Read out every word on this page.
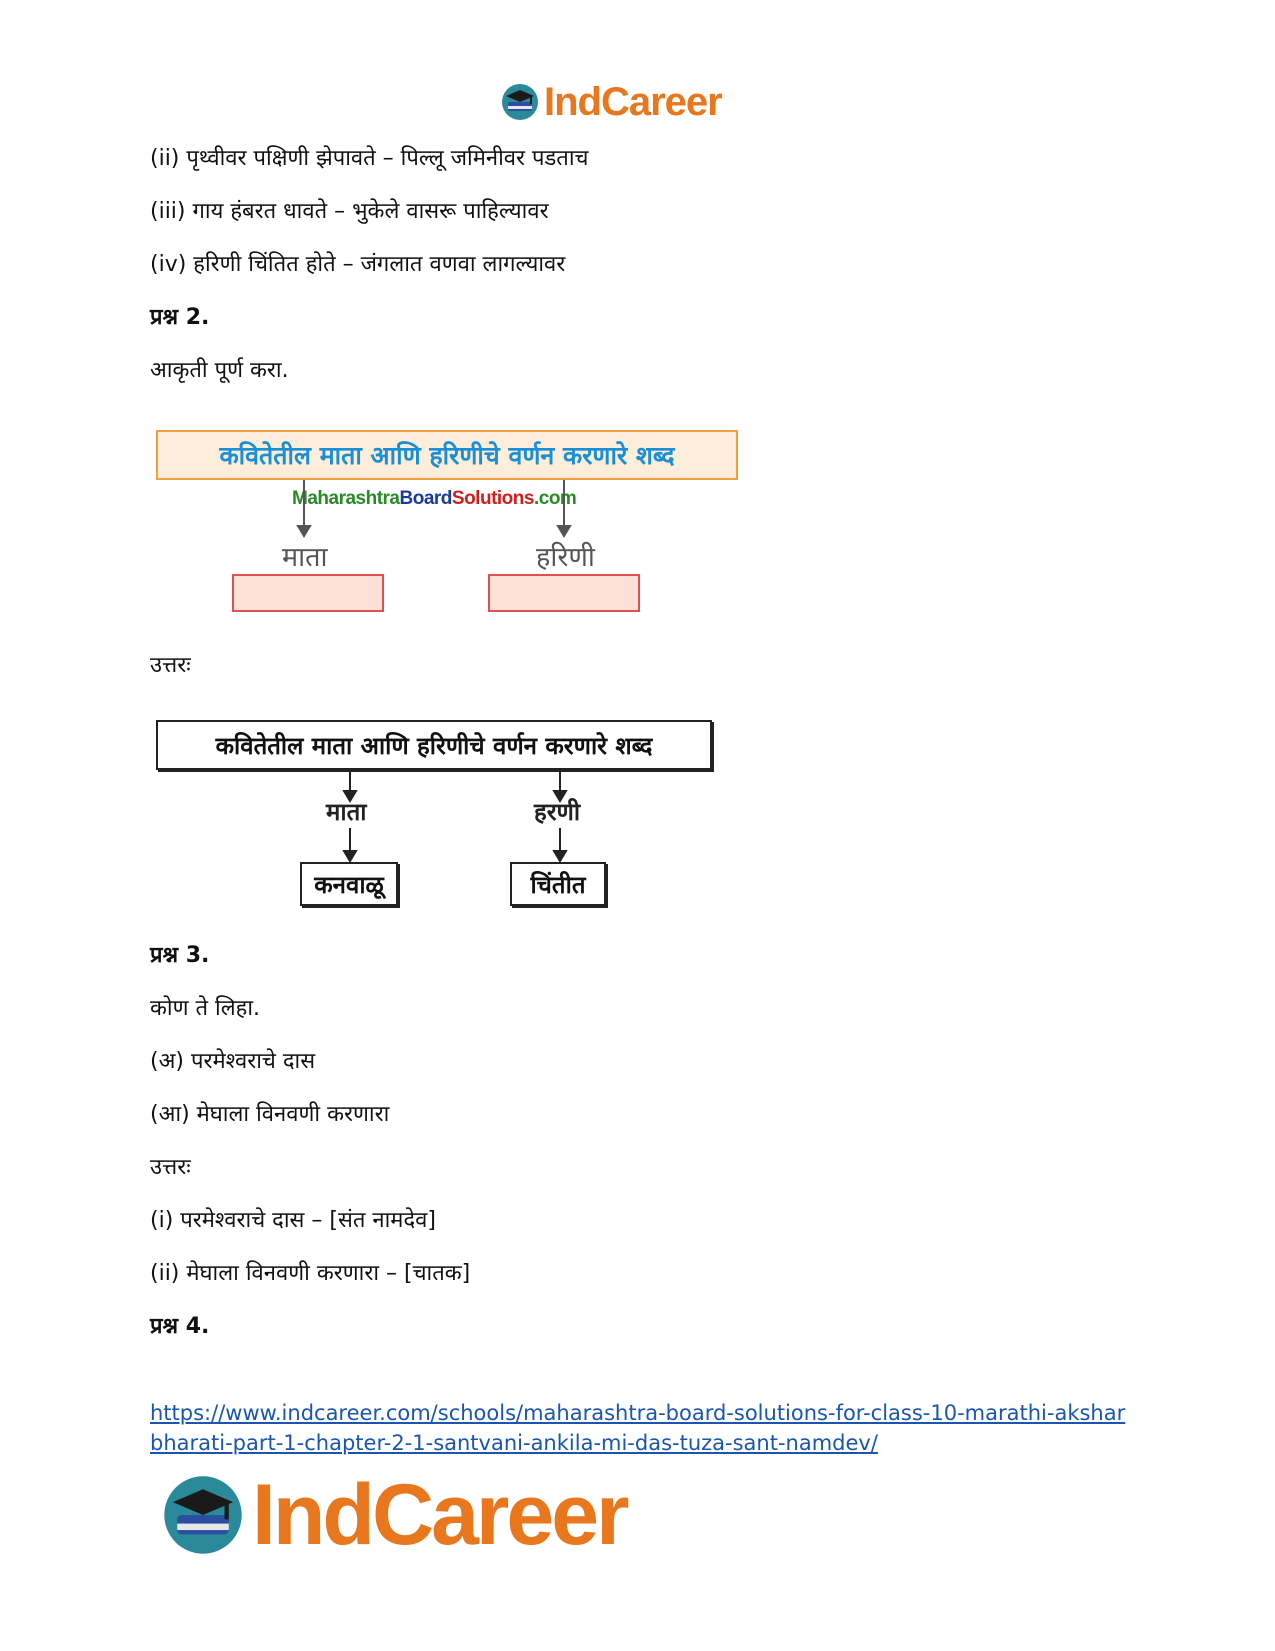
IndCareer
(ii) पृथ्वीवर पक्षिणी झेपावते – पिल्लू जमिनीवर पडताच
(iii) गाय हंबरत धावते – भुकेले वासरू पाहिल्यावर
(iv) हरिणी चिंतित होते – जंगलात वणवा लागल्यावर
प्रश्न 2.
आकृती पूर्ण करा.
कवितेतील माता आणि हरिणीचे वर्णन करणारे शब्द
MaharashtraBoardSolutions.com
माता	हरिणी
उत्तरः
कवितेतील माता आणि हरिणीचे वर्णन करणारे शब्द
माता	हरणी
कनवाळू	चिंतीत
प्रश्न 3.
कोण ते लिहा.
(अ) परमेश्वराचे दास
(आ) मेघाला विनवणी करणारा
उत्तरः
(i) परमेश्वराचे दास – [संत नामदेव]
(ii) मेघाला विनवणी करणारा – [चातक]
प्रश्न 4.
https://www.indcareer.com/schools/maharashtra-board-solutions-for-class-10-marathi-aksharbharati-part-1-chapter-2-1-santvani-ankila-mi-das-tuza-sant-namdev/
IndCareer
